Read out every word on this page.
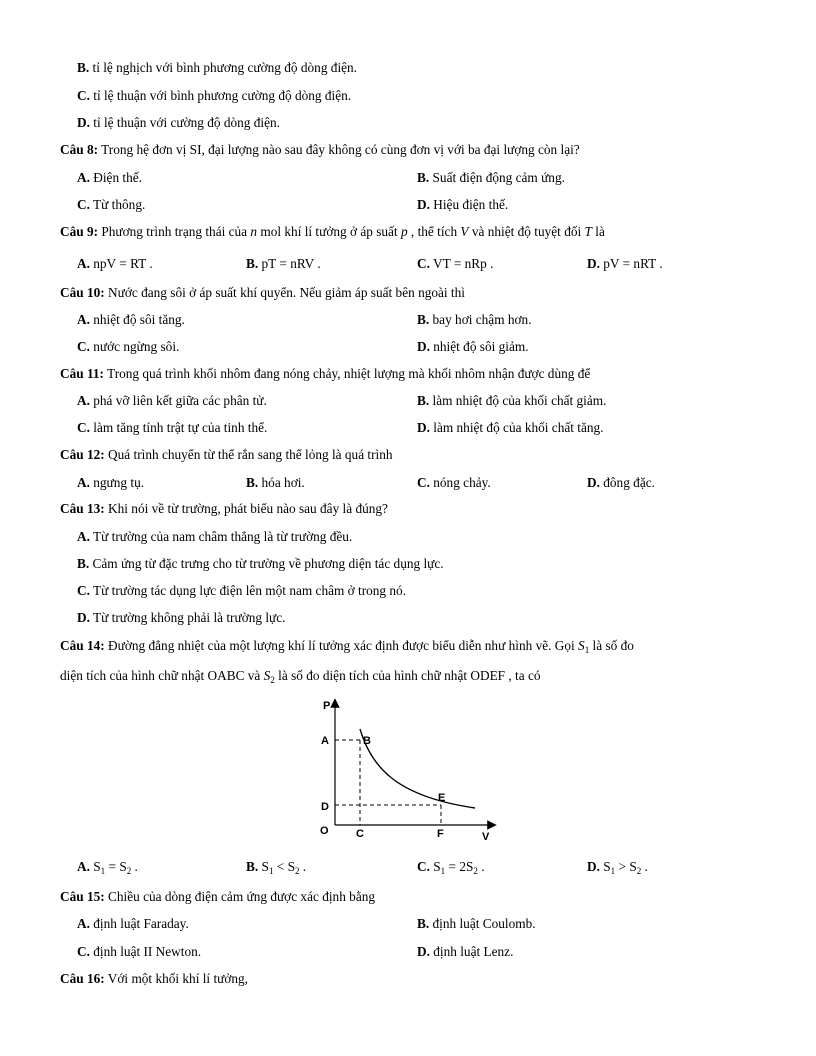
B. tỉ lệ nghịch với bình phương cường độ dòng điện.
C. tỉ lệ thuận với bình phương cường độ dòng điện.
D. tỉ lệ thuận với cường độ dòng điện.
Câu 8: Trong hệ đơn vị SI, đại lượng nào sau đây không có cùng đơn vị với ba đại lượng còn lại?
A. Điện thế.	B. Suất điện động cảm ứng.
C. Từ thông.	D. Hiệu điện thế.
Câu 9: Phương trình trạng thái của n mol khí lí tưởng ở áp suất p , thể tích V và nhiệt độ tuyệt đối T là
A. npV = RT .	B. pT = nRV .	C. VT = nRp .	D. pV = nRT .
Câu 10: Nước đang sôi ở áp suất khí quyển. Nếu giảm áp suất bên ngoài thì
A. nhiệt độ sôi tăng.	B. bay hơi chậm hơn.
C. nước ngừng sôi.	D. nhiệt độ sôi giảm.
Câu 11: Trong quá trình khối nhôm đang nóng chảy, nhiệt lượng mà khối nhôm nhận được dùng để
A. phá vỡ liên kết giữa các phân tử.	B. làm nhiệt độ của khối chất giảm.
C. làm tăng tính trật tự của tinh thể.	D. làm nhiệt độ của khối chất tăng.
Câu 12: Quá trình chuyển từ thể rắn sang thể lỏng là quá trình
A. ngưng tụ.	B. hóa hơi.	C. nóng chảy.	D. đông đặc.
Câu 13: Khi nói về từ trường, phát biểu nào sau đây là đúng?
A. Từ trường của nam châm thẳng là từ trường đều.
B. Cảm ứng từ đặc trưng cho từ trường về phương diện tác dụng lực.
C. Từ trường tác dụng lực điện lên một nam châm ở trong nó.
D. Từ trường không phải là trường lực.
Câu 14: Đường đẳng nhiệt của một lượng khí lí tưởng xác định được biểu diễn như hình vẽ. Gọi $S_1$ là số đo
diện tích của hình chữ nhật OABC và $S_2$ là số đo diện tích của hình chữ nhật ODEF , ta có
P
A	B
D
E
O C	F	V
A. $S_1 = S_2$ .	B. $S_1 < S_2$ .	C. $S_1 = 2S_2$ .	D. $S_1 > S_2$ .
Câu 15: Chiều của dòng điện cảm ứng được xác định bằng
A. định luật Faraday.	B. định luật Coulomb.
C. định luật II Newton.	D. định luật Lenz.
Câu 16: Với một khối khí lí tưởng,
